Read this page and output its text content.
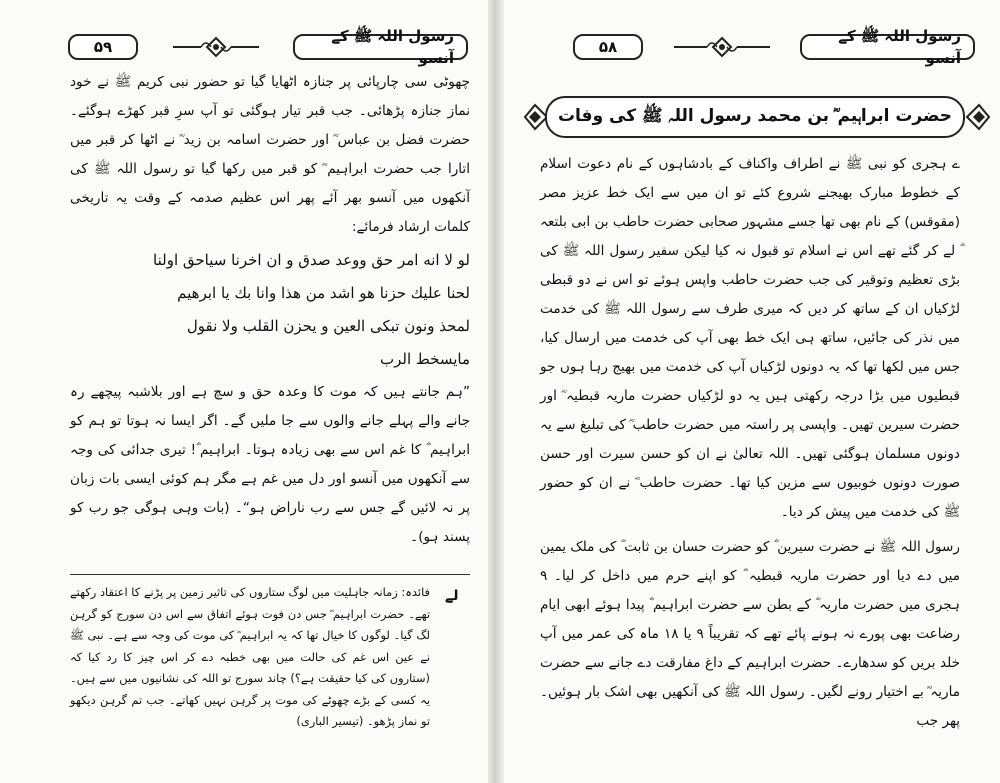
۵۹
رسول اللہ ﷺ کے آنسو
۵۸
رسول اللہ ﷺ کے آنسو
حضرت ابراہیم ؓ بن محمد رسول اللہ ﷺ کی وفات

چھوٹی سی چارپائی پر جنازہ اٹھایا گیا تو حضور نبی کریم ﷺ نے خود نماز جنازہ پڑھائی۔ جب قبر تیار ہوگئی تو آپ سرِ قبر کھڑے ہوگئے۔ حضرت فضل بن عباس ؓ اور حضرت اسامہ بن زید ؓ نے اٹھا کر قبر میں اتارا جب حضرت ابراہیم ؓ کو قبر میں رکھا گیا تو رسول اللہ ﷺ کی آنکھوں میں آنسو بھر آئے پھر اس عظیم صدمہ کے وقت یہ تاریخی کلمات ارشاد فرمائے:

لو لا انه امر حق ووعد صدق و ان اخرنا سياحق اولنا
لحنا عليك حزنا هو اشد من هذا وانا بك يا ابرهيم
لمحذ ونون تبكى العين و يحزن القلب ولا نقول
مايسخط الرب

”ہم جانتے ہیں کہ موت کا وعدہ حق و سچ ہے اور بلاشبہ پیچھے رہ جانے والے پہلے جانے والوں سے جا ملیں گے۔ اگر ایسا نہ ہوتا تو ہم کو ابراہیم ؓ کا غم اس سے بھی زیادہ ہوتا۔ ابراہیم ؓ! تیری جدائی کی وجہ سے آنکھوں میں آنسو اور دل میں غم ہے مگر ہم کوئی ایسی بات زبان پر نہ لائیں گے جس سے رب ناراض ہو“۔ (بات وہی ہوگی جو رب کو پسند ہو)۔

لے
فائدہ: زمانہ جاہلیت میں لوگ ستاروں کی تاثیر زمین پر پڑنے کا اعتقاد رکھتے تھے۔ حضرت ابراہیم ؓ جس دن فوت ہوئے اتفاق سے اس دن سورج کو گرہن لگ گیا۔ لوگوں کا خیال تھا کہ یہ ابراہیم ؓ کی موت کی وجہ سے ہے۔ نبی ﷺ نے عین اس غم کی حالت میں بھی خطبہ دے کر اس چیز کا رد کیا کہ (ستاروں کی کیا حقیقت ہے؟) چاند سورج تو اللہ کی نشانیوں میں سے ہیں۔ یہ کسی کے بڑے چھوٹے کی موت پر گرہن نہیں کھاتے۔ جب تم گرہن دیکھو تو نماز پڑھو۔ (تیسیر الباری)

ے ہجری کو نبی ﷺ نے اطراف واکناف کے بادشاہوں کے نام دعوت اسلام کے خطوط مبارک بھیجنے شروع کئے تو ان میں سے ایک خط عزیز مصر (مقوقس) کے نام بھی تھا جسے مشہور صحابی حضرت حاطب بن ابی بلتعہ ؓ لے کر گئے تھے اس نے اسلام تو قبول نہ کیا لیکن سفیر رسول اللہ ﷺ کی بڑی تعظیم وتوقیر کی جب حضرت حاطب واپس ہوئے تو اس نے دو قبطی لڑکیاں ان کے ساتھ کر دیں کہ میری طرف سے رسول اللہ ﷺ کی خدمت میں نذر کی جائیں، ساتھ ہی ایک خط بھی آپ کی خدمت میں ارسال کیا، جس میں لکھا تھا کہ یہ دونوں لڑکیاں آپ کی خدمت میں بھیج رہا ہوں جو قبطیوں میں بڑا درجہ رکھتی ہیں یہ دو لڑکیاں حضرت ماریہ قبطیہ ؓ اور حضرت سیرین تھیں۔ واپسی پر راستہ میں حضرت حاطب ؓ کی تبلیغ سے یہ دونوں مسلمان ہوگئی تھیں۔ اللہ تعالیٰ نے ان کو حسن سیرت اور حسن صورت دونوں خوبیوں سے مزین کیا تھا۔ حضرت حاطب ؓ نے ان کو حضور ﷺ کی خدمت میں پیش کر دیا۔

رسول اللہ ﷺ نے حضرت سیرین ؓ کو حضرت حسان بن ثابت ؓ کی ملک یمین میں دے دیا اور حضرت ماریہ قبطیہ ؓ کو اپنے حرم میں داخل کر لیا۔ ۹ ہجری میں حضرت ماریہ ؓ کے بطن سے حضرت ابراہیم ؓ پیدا ہوئے ابھی ایام رضاعت بھی پورے نہ ہونے پائے تھے کہ تقریباً ۹ یا ۱۸ ماہ کی عمر میں آپ خلد بریں کو سدھارے۔ حضرت ابراہیم کے داغ مفارقت دے جانے سے حضرت ماریہ ؓ بے اختیار رونے لگیں۔ رسول اللہ ﷺ کی آنکھیں بھی اشک بار ہوئیں۔ پھر جب
